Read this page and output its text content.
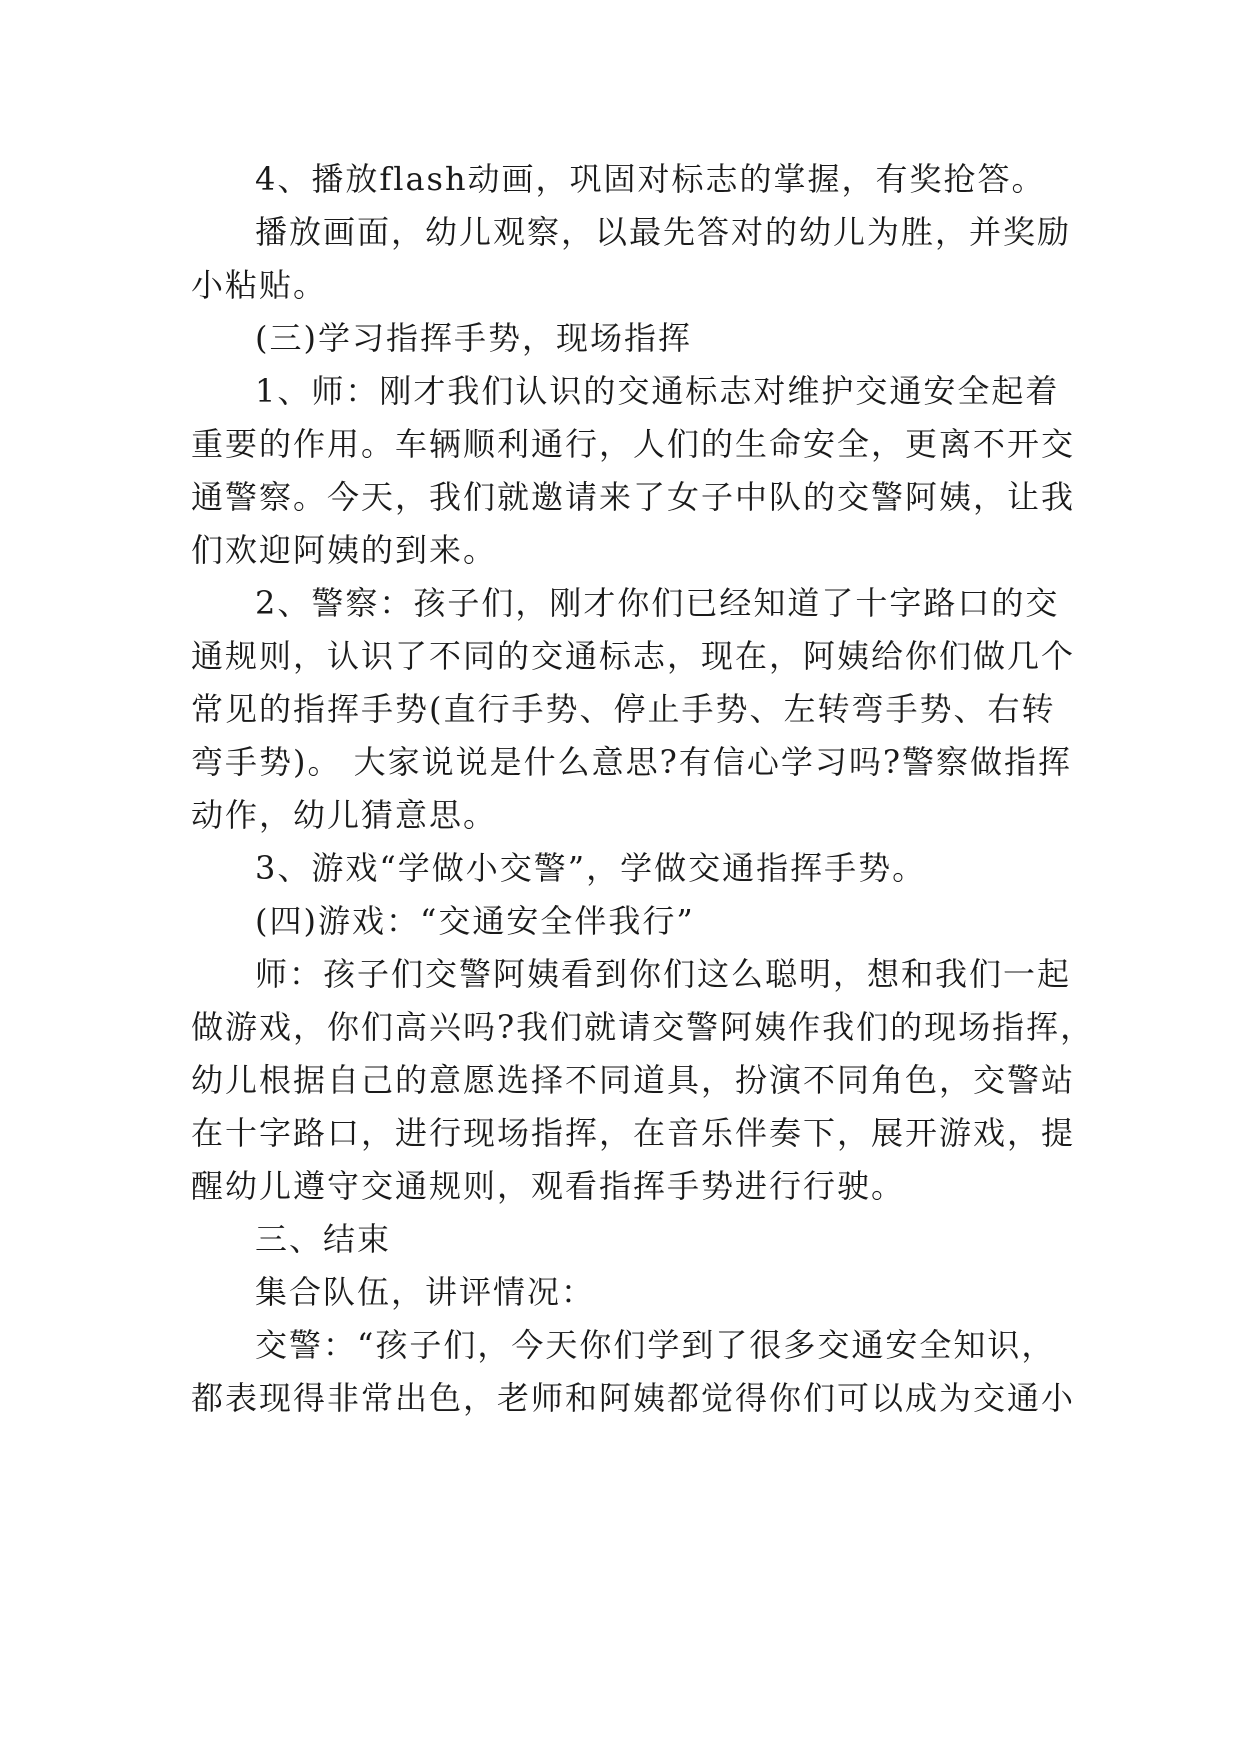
4、播放flash动画，巩固对标志的掌握，有奖抢答。
播放画面，幼儿观察，以最先答对的幼儿为胜，并奖励
小粘贴。
(三)学习指挥手势，现场指挥
1、师：刚才我们认识的交通标志对维护交通安全起着
重要的作用。车辆顺利通行，人们的生命安全，更离不开交
通警察。今天，我们就邀请来了女子中队的交警阿姨，让我
们欢迎阿姨的到来。
2、警察：孩子们，刚才你们已经知道了十字路口的交
通规则，认识了不同的交通标志，现在，阿姨给你们做几个
常见的指挥手势(直行手势、停止手势、左转弯手势、右转
弯手势)。 大家说说是什么意思?有信心学习吗?警察做指挥
动作，幼儿猜意思。
3、游戏“学做小交警”，学做交通指挥手势。
(四)游戏：“交通安全伴我行”
师：孩子们交警阿姨看到你们这么聪明，想和我们一起
做游戏，你们高兴吗?我们就请交警阿姨作我们的现场指挥，
幼儿根据自己的意愿选择不同道具，扮演不同角色，交警站
在十字路口，进行现场指挥，在音乐伴奏下，展开游戏，提
醒幼儿遵守交通规则，观看指挥手势进行行驶。
三、结束
集合队伍，讲评情况：
交警：“孩子们，今天你们学到了很多交通安全知识，
都表现得非常出色，老师和阿姨都觉得你们可以成为交通小
